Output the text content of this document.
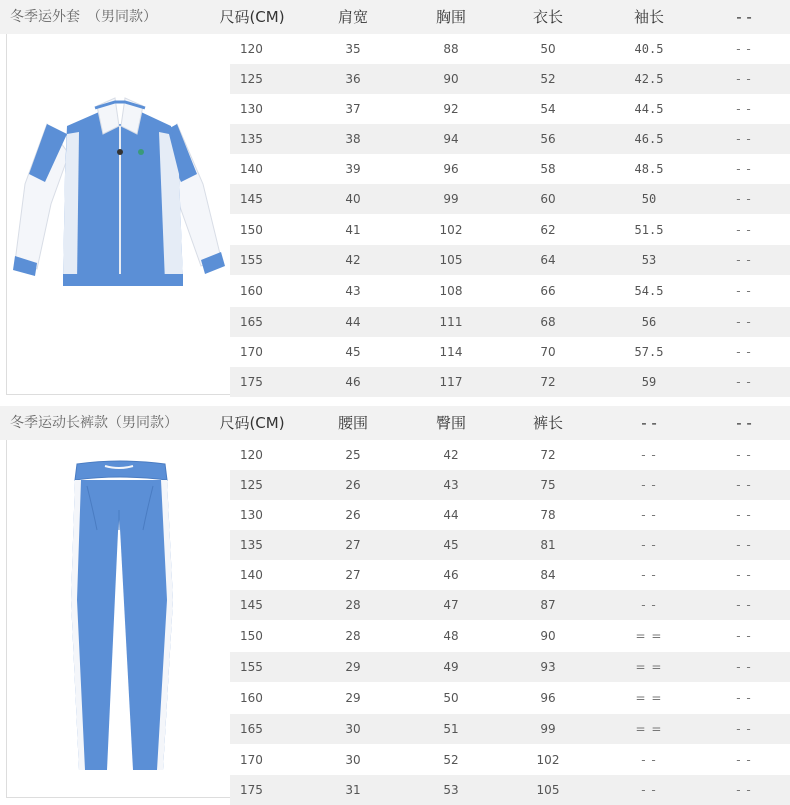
冬季运外套　（男同款）	尺码(CM)	肩宽	胸围	衣长	袖长	- -
120	35	88	50	40.5	- -
125	36	90	52	42.5	- -
130	37	92	54	44.5	- -
135	38	94	56	46.5	- -
140	39	96	58	48.5	- -
145	40	99	60	50	- -
150	41	102	62	51.5	- -
155	42	105	64	53	- -
160	43	108	66	54.5	- -
165	44	111	68	56	- -
170	45	114	70	57.5	- -
175	46	117	72	59	- -
冬季运动长裤款（男同款）	尺码(CM)	腰围	臀围	裤长	- -	- -
120	25	42	72	- -	- -
125	26	43	75	- -	- -
130	26	44	78	- -	- -
135	27	45	81	- -	- -
140	27	46	84	- -	- -
145	28	47	87	- -	- -
150	28	48	90	= =	- -
155	29	49	93	= =	- -
160	29	50	96	= =	- -
165	30	51	99	= =	- -
170	30	52	102	- -	- -
175	31	53	105	- -	- -
